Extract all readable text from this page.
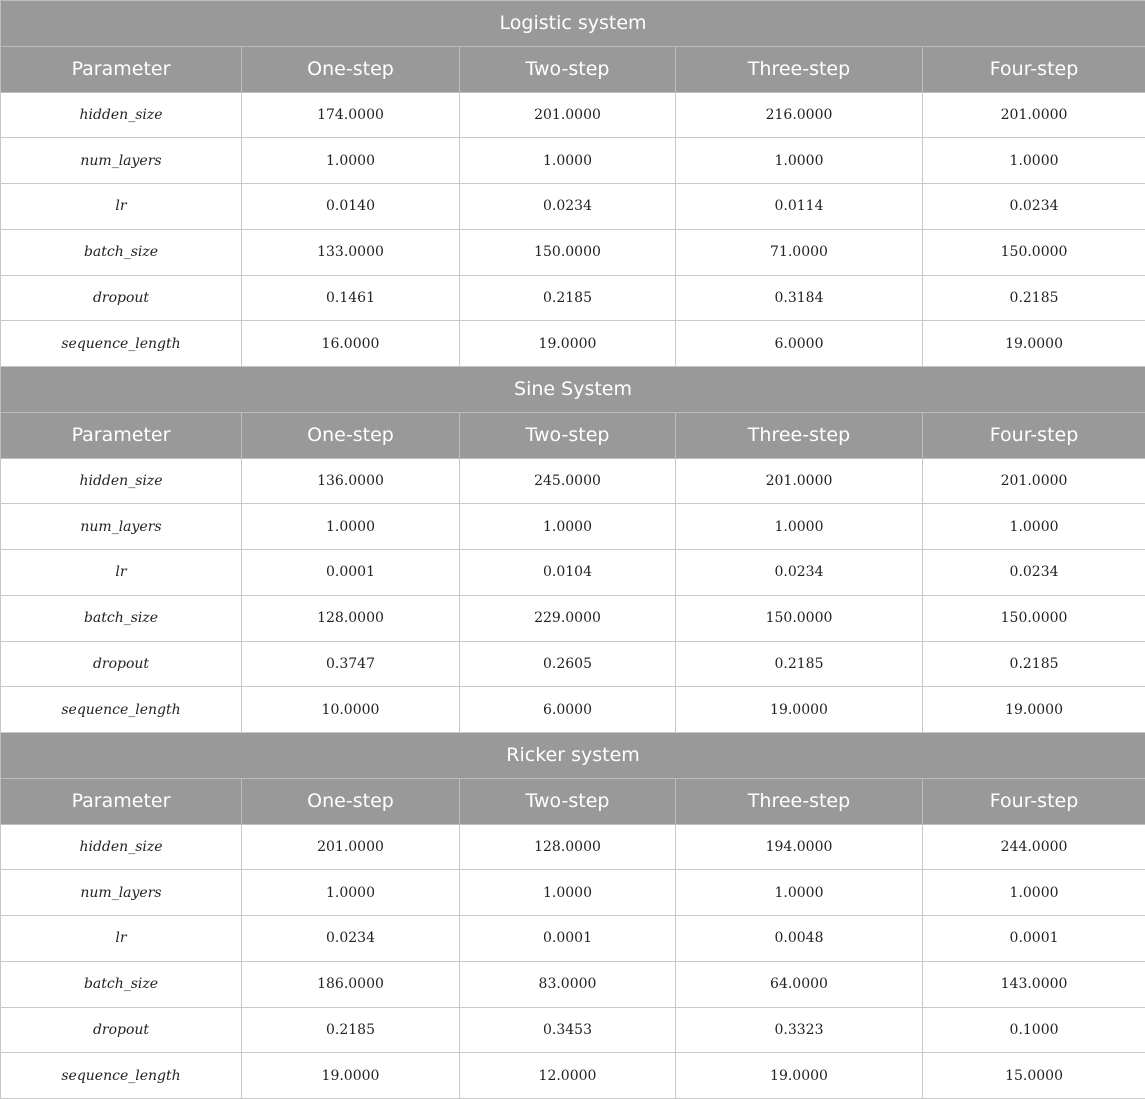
Logistic system				
Parameter	One-step	Two-step	Three-step	Four-step
hidden_size	174.0000	201.0000	216.0000	201.0000
num_layers	1.0000	1.0000	1.0000	1.0000
lr	0.0140	0.0234	0.0114	0.0234
batch_size	133.0000	150.0000	71.0000	150.0000
dropout	0.1461	0.2185	0.3184	0.2185
sequence_length	16.0000	19.0000	6.0000	19.0000
Sine System				
Parameter	One-step	Two-step	Three-step	Four-step
hidden_size	136.0000	245.0000	201.0000	201.0000
num_layers	1.0000	1.0000	1.0000	1.0000
lr	0.0001	0.0104	0.0234	0.0234
batch_size	128.0000	229.0000	150.0000	150.0000
dropout	0.3747	0.2605	0.2185	0.2185
sequence_length	10.0000	6.0000	19.0000	19.0000
Ricker system				
Parameter	One-step	Two-step	Three-step	Four-step
hidden_size	201.0000	128.0000	194.0000	244.0000
num_layers	1.0000	1.0000	1.0000	1.0000
lr	0.0234	0.0001	0.0048	0.0001
batch_size	186.0000	83.0000	64.0000	143.0000
dropout	0.2185	0.3453	0.3323	0.1000
sequence_length	19.0000	12.0000	19.0000	15.0000
